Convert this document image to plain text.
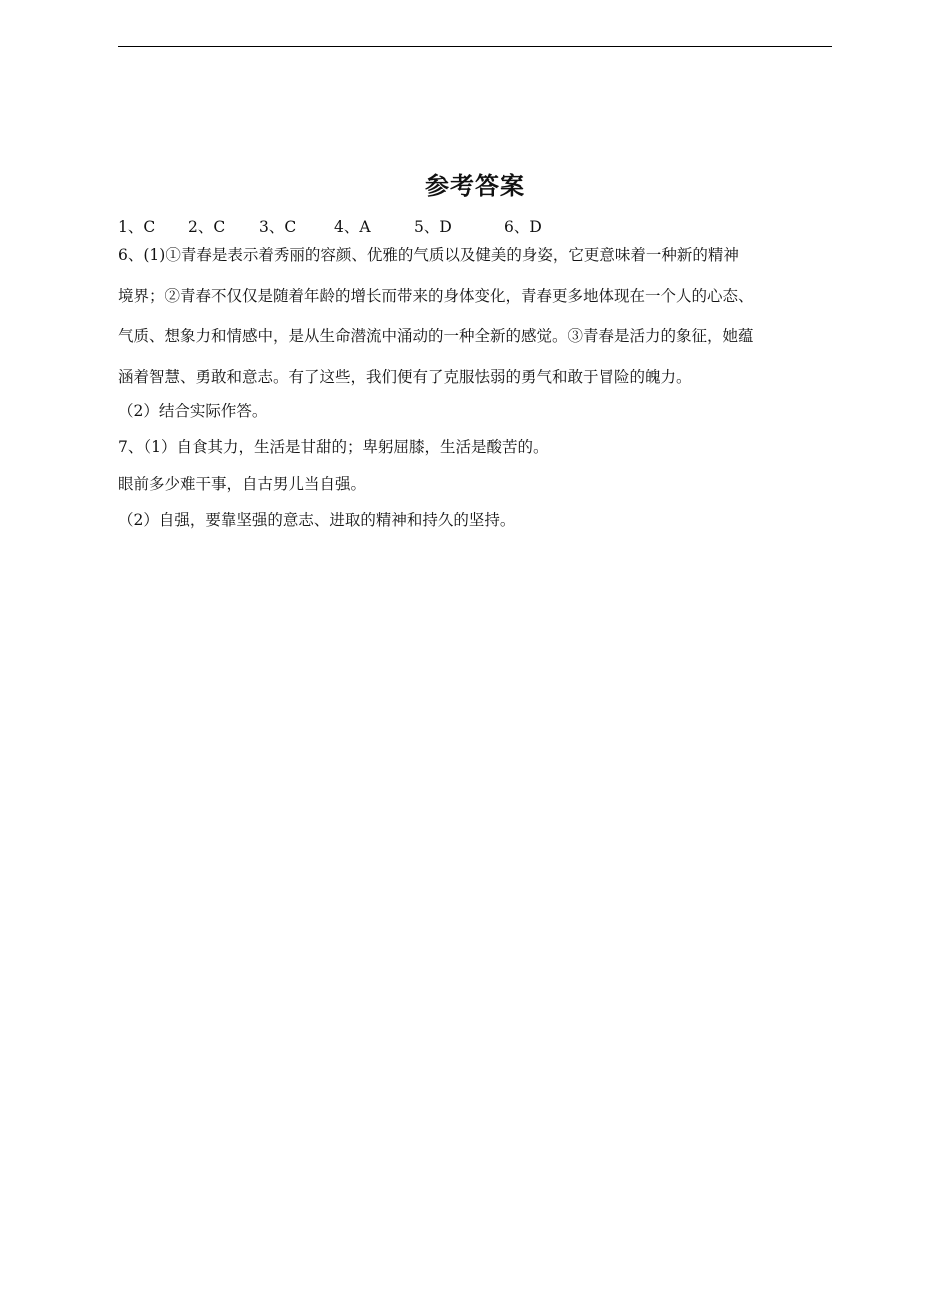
参考答案
1、C 2、C 3、C 4、A	5、D	6、D
6、(1)①青春是表示着秀丽的容颜、优雅的气质以及健美的身姿，它更意味着一种新的精神
境界；②青春不仅仅是随着年龄的增长而带来的身体变化，青春更多地体现在一个人的心态、
气质、想象力和情感中，是从生命潜流中涌动的一种全新的感觉。③青春是活力的象征，她蕴
涵着智慧、勇敢和意志。有了这些，我们便有了克服怯弱的勇气和敢于冒险的魄力。
（2）结合实际作答。
7、（1）自食其力，生活是甘甜的；卑躬屈膝，生活是酸苦的。
眼前多少难干事，自古男儿当自强。
（2）自强，要靠坚强的意志、进取的精神和持久的坚持。
